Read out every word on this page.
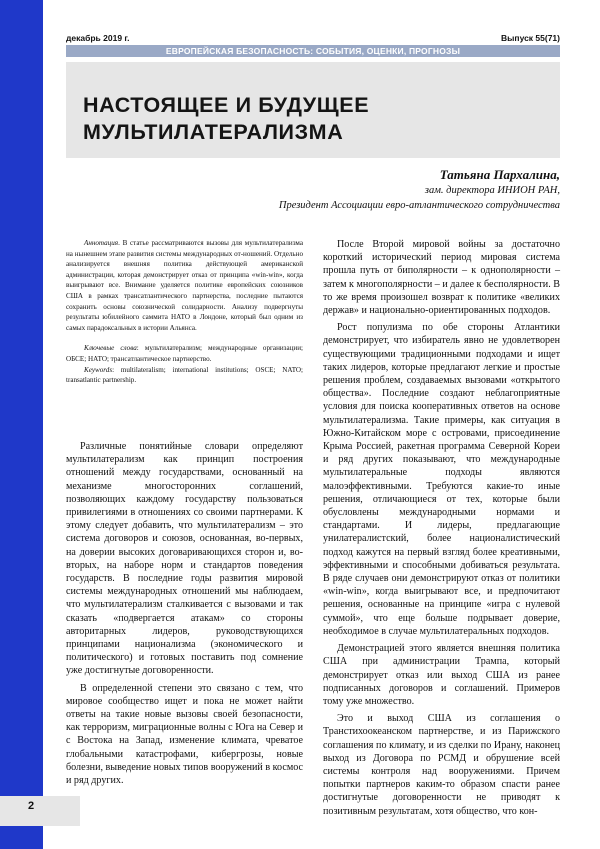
декабрь 2019 г.	Выпуск 55(71)
ЕВРОПЕЙСКАЯ БЕЗОПАСНОСТЬ: СОБЫТИЯ, ОЦЕНКИ, ПРОГНОЗЫ
НАСТОЯЩЕЕ И БУДУЩЕЕ
МУЛЬТИЛАТЕРАЛИЗМА
Татьяна Пархалина,
зам. директора ИНИОН РАН,
Президент Ассоциации евро-атлантического сотрудничества

Аннотация. В статье рассматриваются вызовы для мультилатерализма на нынешнем этапе развития системы международных от-ношений. Отдельно анализируется внешняя политика действующей американской администрации, которая демонстрирует отказ от принципа «win-win», когда выигрывают все. Внимание уделяется политике европейских союзников США в рамках трансатлантического партнерства, последние пытаются сохранить основы союзнической солидарности. Анализу подвергнуты результаты юбилейного саммита НАТО в Лондоне, который был одним из самых парадоксальных в истории Альянса.

Ключевые слова: мультилатерализм; международные организации; ОБСЕ; НАТО; трансатлантическое партнерство.

Keywords: multilateralism; international institutions; OSCE; NATO; transatlantic partnership.

Различные понятийные словари определяют мультилатерализм как принцип построения отношений между государствами, основанный на механизме многосторонних соглашений, позволяющих каждому государству пользоваться привилегиями в отношениях со своими партнерами. К этому следует добавить, что мультилатерализм – это система договоров и союзов, основанная, во-первых, на доверии высоких договаривающихся сторон и, во-вторых, на наборе норм и стандартов поведения государств. В последние годы развития мировой системы международных отношений мы наблюдаем, что мультилатерализм сталкивается с вызовами и так сказать «подвергается атакам» со стороны авторитарных лидеров, руководствующихся принципами национализма (экономического и политического) и готовых поставить под сомнение уже достигнутые договоренности.

В определенной степени это связано с тем, что мировое сообщество ищет и пока не может найти ответы на такие новые вызовы своей безопасности, как терроризм, миграционные волны с Юга на Север и с Востока на Запад, изменение климата, чреватое глобальными катастрофами, кибергрозы, новые болезни, выведение новых типов вооружений в космос и ряд других.

После Второй мировой войны за достаточно короткий исторический период мировая система прошла путь от биполярности – к однополярности – затем к многополярности – и далее к бесполярности. В то же время произошел возврат к политике «великих держав» и национально-ориентированных подходов.

Рост популизма по обе стороны Атлантики демонстрирует, что избиратель явно не удовлетворен существующими традиционными подходами и ищет таких лидеров, которые предлагают легкие и простые решения проблем, создаваемых вызовами «открытого общества». Последние создают неблагоприятные условия для поиска кооперативных ответов на основе мультилатерализма. Такие примеры, как ситуация в Южно-Китайском море с островами, присоединение Крыма Россией, ракетная программа Северной Кореи и ряд других показывают, что международные мультилатеральные подходы являются малоэффективными. Требуются какие-то иные решения, отличающиеся от тех, которые были обусловлены международными нормами и стандартами. И лидеры, предлагающие унилатералистский, более националистический подход кажутся на первый взгляд более креативными, эффективными и способными добиваться результата. В ряде случаев они демонстрируют отказ от политики «win-win», когда выигрывают все, и предпочитают решения, основанные на принципе «игра с нулевой суммой», что еще больше подрывает доверие, необходимое в случае мультилатеральных подходов.

Демонстрацией этого является внешняя политика США при администрации Трампа, который демонстрирует отказ или выход США из ранее подписанных договоров и соглашений. Примеров тому уже множество.

Это и выход США из соглашения о Транстихоокеанском партнерстве, и из Парижского соглашения по климату, и из сделки по Ирану, наконец выход из Договора по РСМД и обрушение всей системы контроля над вооружениями. Причем попытки партнеров каким-то образом спасти ранее достигнутые договоренности не приводят к позитивным результатам, хотя общество, что кон-

2
